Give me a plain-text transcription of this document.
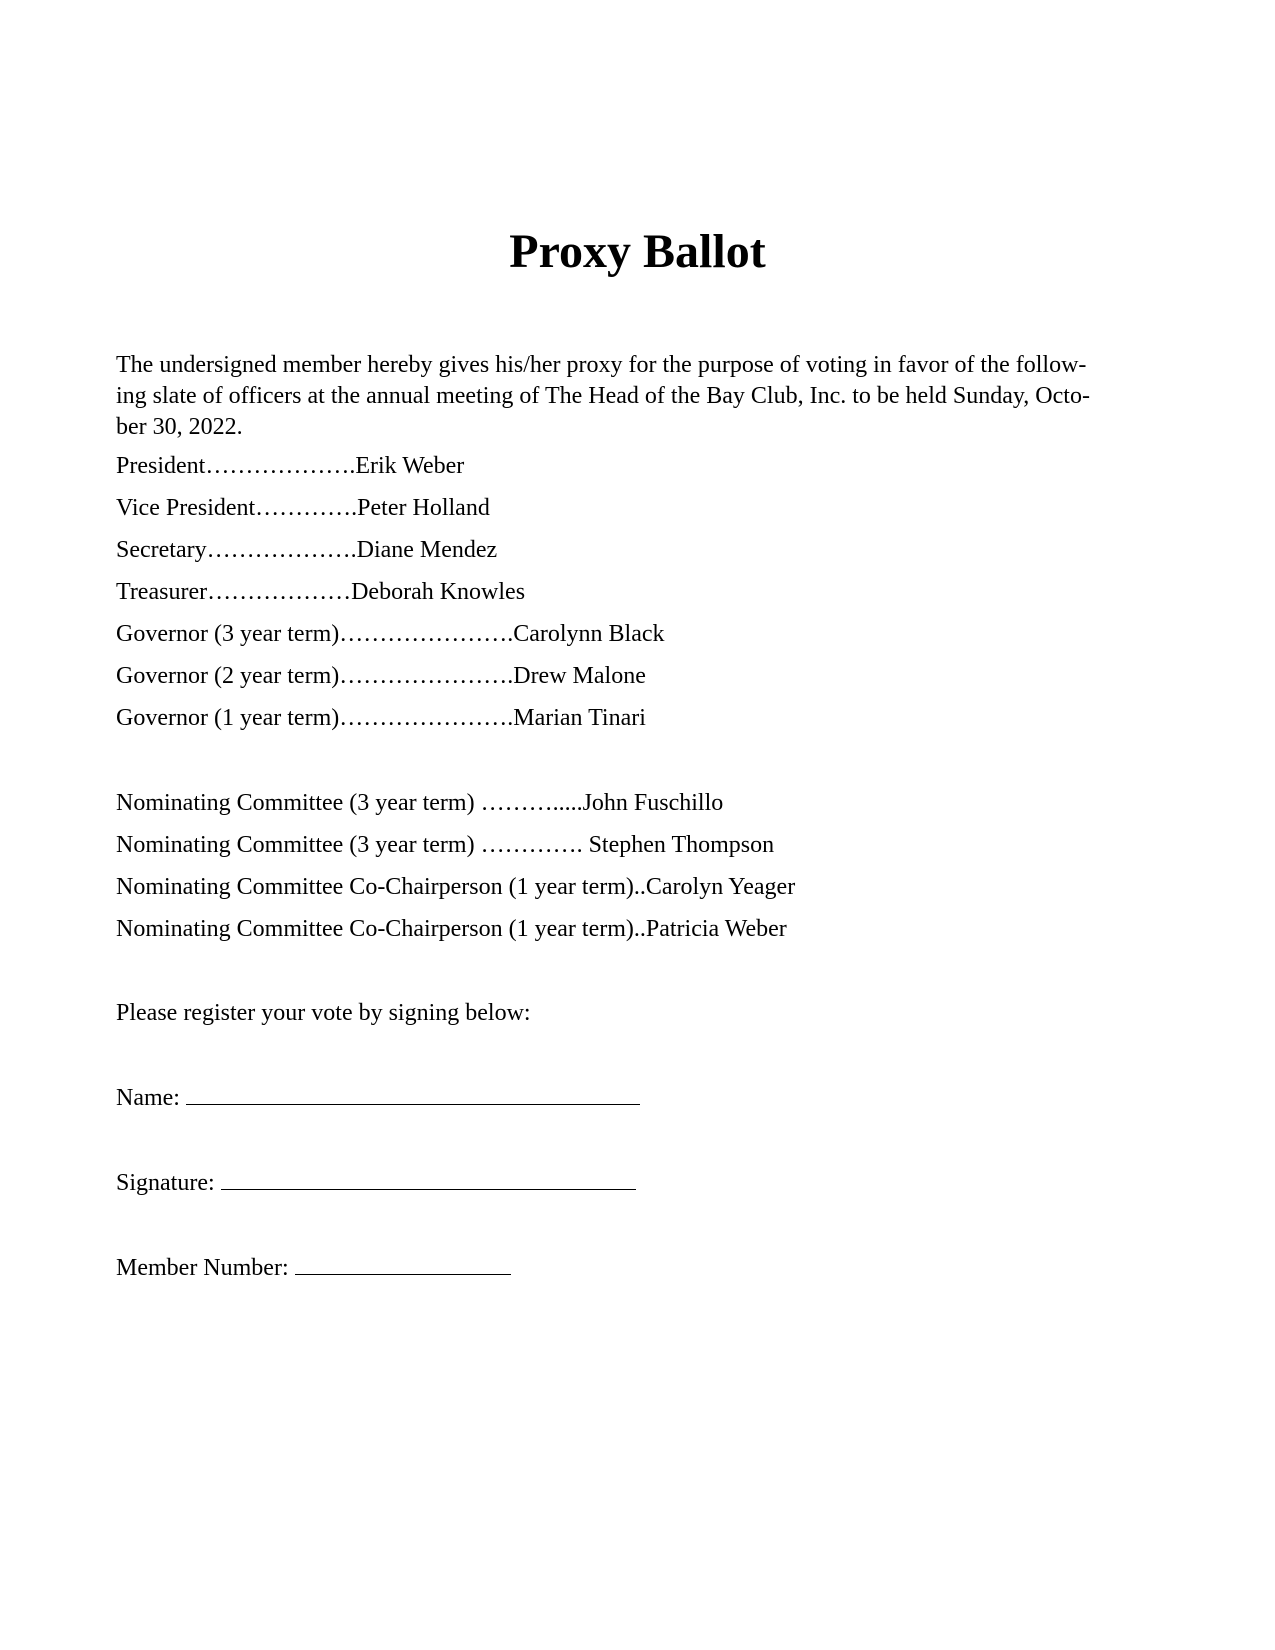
Proxy Ballot

The undersigned member hereby gives his/her proxy for the purpose of voting in favor of the follow-
ing slate of officers at the annual meeting of The Head of the Bay Club, Inc. to be held Sunday, Octo-
ber 30, 2022.

President……………….Erik Weber

Vice President………….Peter Holland

Secretary……………….Diane Mendez

Treasurer………………Deborah Knowles

Governor (3 year term)………………….Carolynn Black

Governor (2 year term)………………….Drew Malone

Governor (1 year term)………………….Marian Tinari

Nominating Committee (3 year term) ……….....John Fuschillo

Nominating Committee (3 year term) …………. Stephen Thompson

Nominating Committee Co-Chairperson (1 year term)..Carolyn Yeager

Nominating Committee Co-Chairperson (1 year term)..Patricia Weber

Please register your vote by signing below:

Name:

Signature:

Member Number:
